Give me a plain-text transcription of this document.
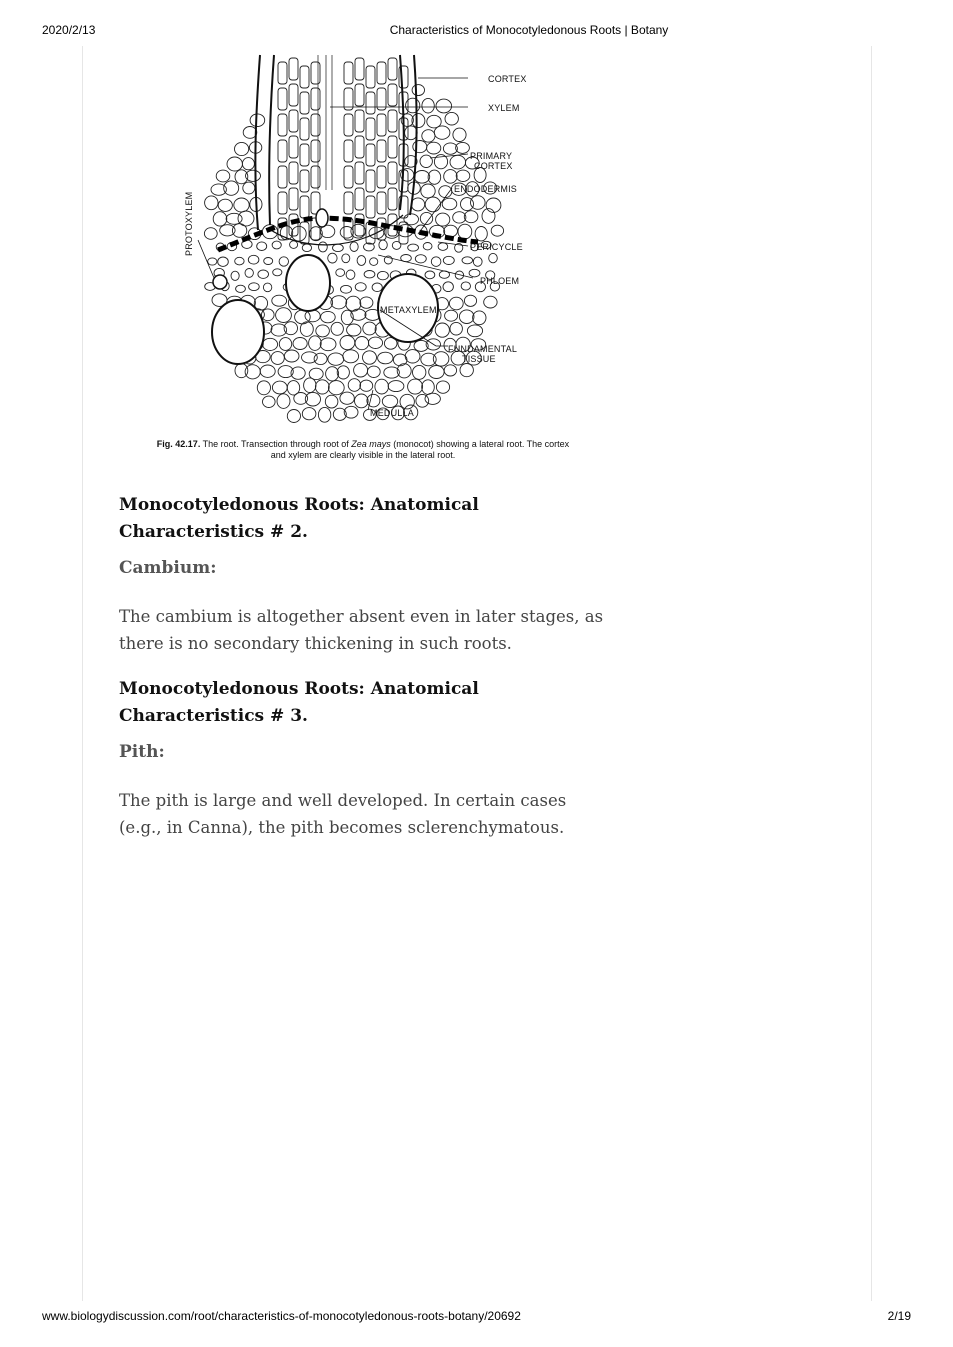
2020/2/13	Characteristics of Monocotyledonous Roots | Botany
CORTEX
XYLEM
PRIMARY
CORTEX
ENDODERMIS
PERICYCLE
PHLOEM
METAXYLEM
FUNDAMENTAL
TISSUE
MEDULLA
PROTOXYLEM
Fig. 42.17. The root. Transection through root of Zea mays (monocot) showing a lateral root. The cortex
and xylem are clearly visible in the lateral root.
Monocotyledonous Roots: Anatomical Characteristics # 2.
Cambium:

The cambium is altogether absent even in later stages, as there is no secondary thickening in such roots.

Monocotyledonous Roots: Anatomical Characteristics # 3.
Pith:

The pith is large and well developed. In certain cases (e.g., in Canna), the pith becomes sclerenchymatous.

www.biologydiscussion.com/root/characteristics-of-monocotyledonous-roots-botany/20692	2/19
